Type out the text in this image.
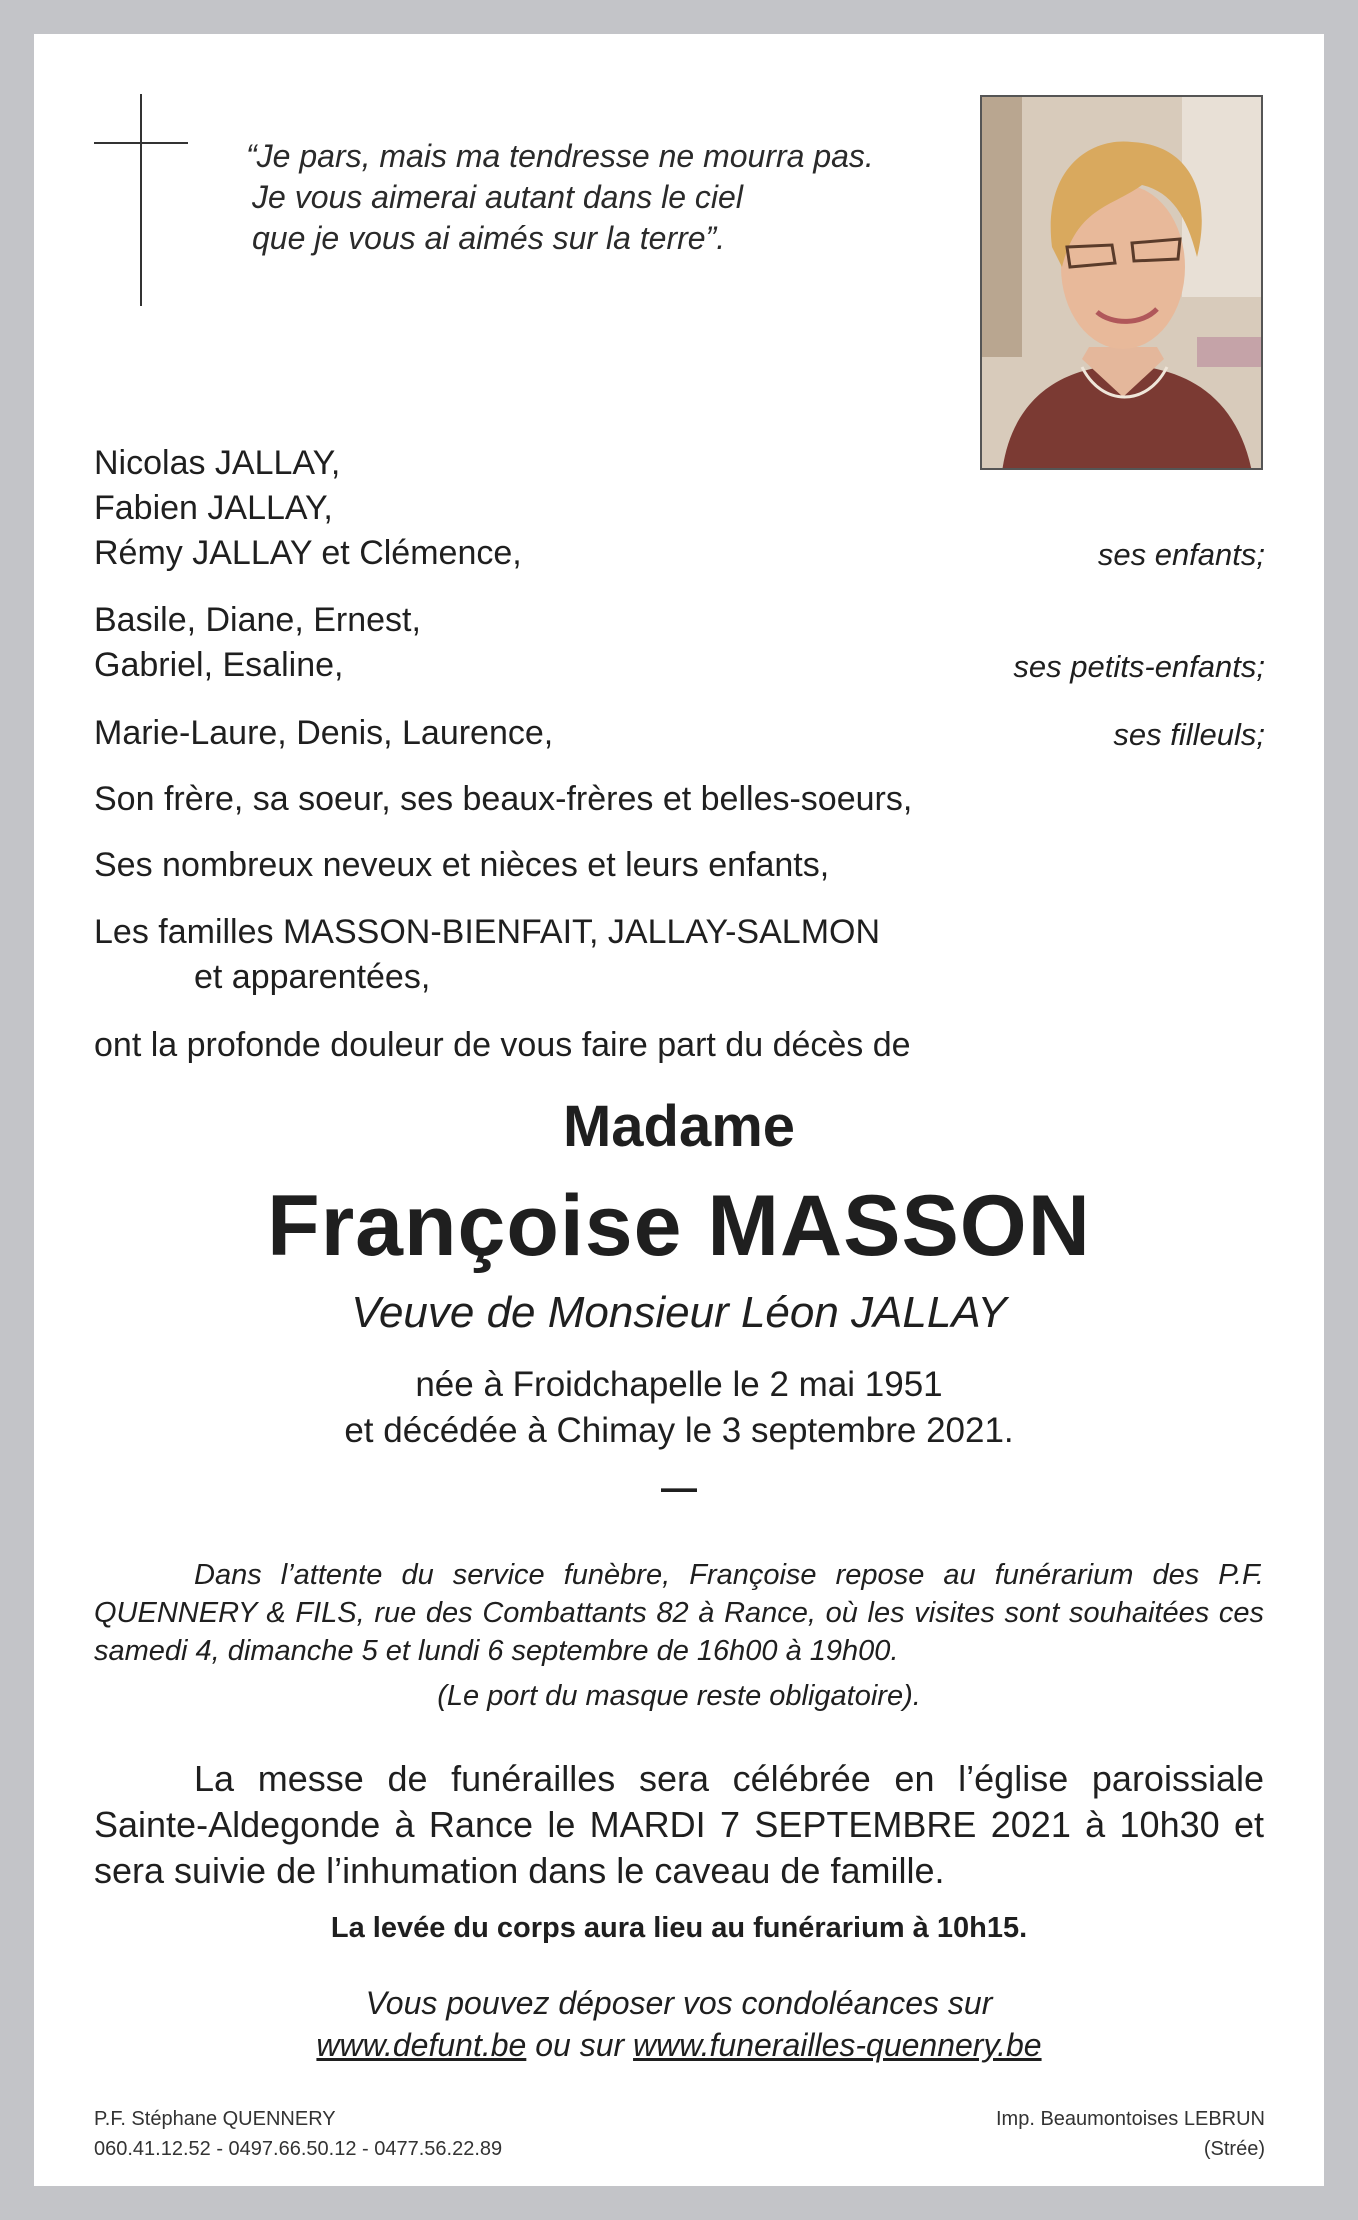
“Je pars, mais ma tendresse ne mourra pas.
Je vous aimerai autant dans le ciel
que je vous ai aimés sur la terre”.
Nicolas JALLAY,
Fabien JALLAY,
Rémy JALLAY et Clémence,	ses enfants;
Basile, Diane, Ernest,
Gabriel, Esaline,	ses petits-enfants;
Marie-Laure, Denis, Laurence,	ses filleuls;
Son frère, sa soeur, ses beaux-frères et belles-soeurs,
Ses nombreux neveux et nièces et leurs enfants,
Les familles MASSON-BIENFAIT, JALLAY-SALMON
et apparentées,
ont la profonde douleur de vous faire part du décès de
Madame
Françoise MASSON
Veuve de Monsieur Léon JALLAY
née à Froidchapelle le 2 mai 1951
et décédée à Chimay le 3 septembre 2021.
—

Dans l’attente du service funèbre, Françoise repose au funérarium des P.F. QUENNERY & FILS, rue des Combattants 82 à Rance, où les visites sont souhaitées ces samedi 4, dimanche 5 et lundi 6 septembre de 16h00 à 19h00.

(Le port du masque reste obligatoire).

La messe de funérailles sera célébrée en l’église paroissiale Sainte-Aldegonde à Rance le MARDI 7 SEPTEMBRE 2021 à 10h30 et sera suivie de l’inhumation dans le caveau de famille.

La levée du corps aura lieu au funérarium à 10h15.
Vous pouvez déposer vos condoléances sur
www.defunt.be ou sur www.funerailles-quennery.be
P.F. Stéphane QUENNERY
060.41.12.52 - 0497.66.50.12 - 0477.56.22.89
Imp. Beaumontoises LEBRUN
(Strée)
